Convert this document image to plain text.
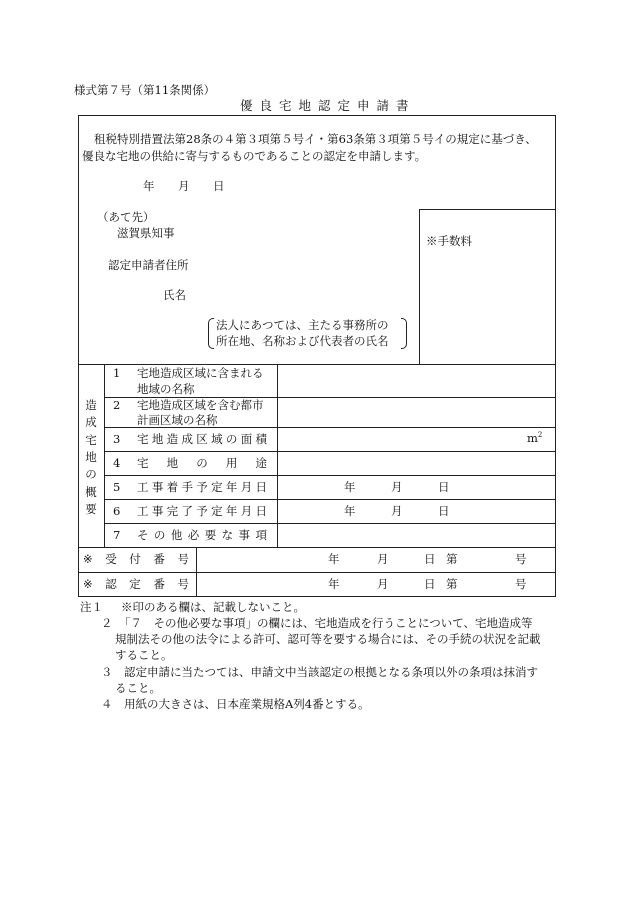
様式第７号（第11条関係）
優良宅地認定申請書
租税特別措置法第28条の４第３項第５号イ・第63条第３項第５号イの規定に基づき、
優良な宅地の供給に寄与するものであることの認定を申請します。
年 月 日
（あて先）
滋賀県知事
認定申請者住所
氏名
法人にあつては、主たる事務所の
所在地、名称および代表者の氏名
※手数料
造
成
宅
地
の
概
要
1 宅地造成区域に含まれる
地域の名称
2 宅地造成区域を含む都市
計画区域の名称
3 宅 地 造 成 区 域 の 面 積	$m^2$
4 宅 地 の 用 途
5 工 事 着 手 予 定 年 月 日	年	月	日
6 工 事 完 了 予 定 年 月 日	年	月	日
7 そ の 他 必 要 な 事 項
※ 受 付 番 号	年	月	日 第	号
※ 認 定 番 号	年	月	日 第	号
注１ ※印のある欄は、記載しないこと。
２ 「７　その他必要な事項」の欄には、宅地造成を行うことについて、宅地造成等
規制法その他の法令による許可、認可等を要する場合には、その手続の状況を記載
すること。
３ 認定申請に当たつては、申請文中当該認定の根拠となる条項以外の条項は抹消す
ること。
４ 用紙の大きさは、日本産業規格A列4番とする。
